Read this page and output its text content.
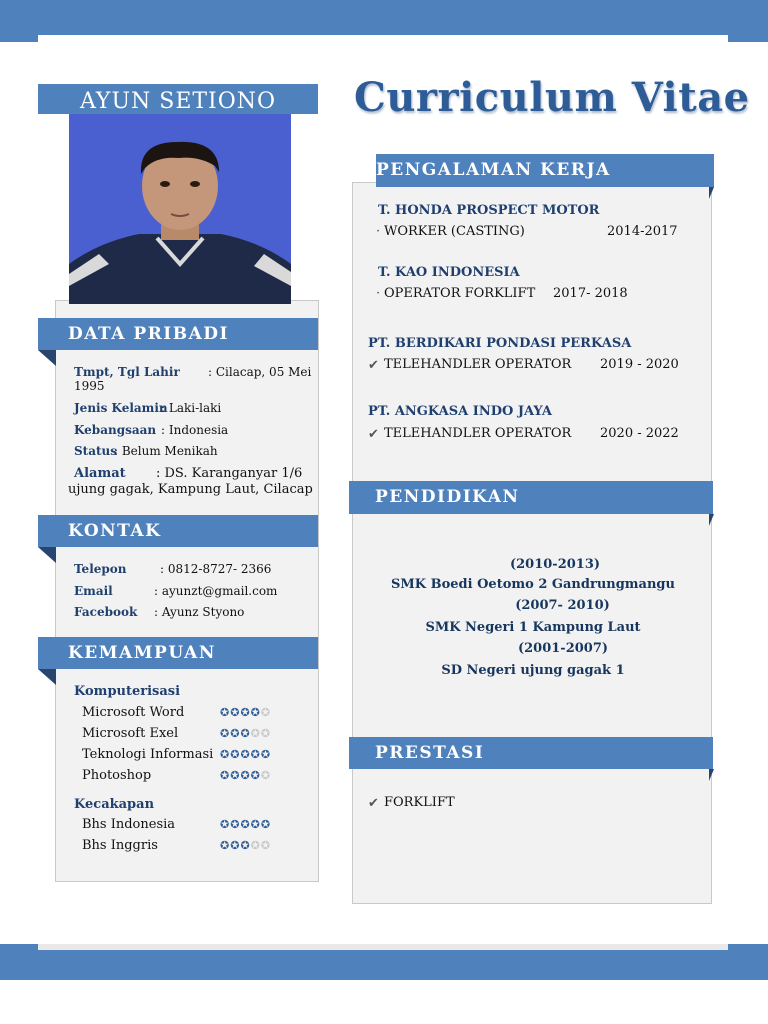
Curriculum Vitae
AYUN SETIONO
DATA PRIBADI
Tmpt, Tgl Lahir : Cilacap, 05 Mei
1995
Jenis Kelamin
: Laki-laki
Kebangsaan : Indonesia
Status
: Belum Menikah
Alamat : DS. Karanganyar 1/6
ujung gagak, Kampung Laut, Cilacap
KONTAK
Telepon	: 0812-8727- 2366
Email	: ayunzt@gmail.com
Facebook : Ayunz Styono
KEMAMPUAN
Komputerisasi
Microsoft Word	✪✪✪✪✪
Microsoft Exel	✪✪✪✪✪
Teknologi Informasi ✪✪✪✪✪
Photoshop	✪✪✪✪✪
Kecakapan
Bhs Indonesia	✪✪✪✪✪
Bhs Inggris	✪✪✪✪✪
PENGALAMAN KERJA
T. HONDA PROSPECT MOTOR
· WORKER (CASTING)	2014-2017
T. KAO INDONESIA
· OPERATOR FORKLIFT 2017- 2018
PT. BERDIKARI PONDASI PERKASA
✔ TELEHANDLER OPERATOR 2019 - 2020
PT. ANGKASA INDO JAYA
✔ TELEHANDLER OPERATOR 2020 - 2022
PENDIDIKAN
(2010-2013)
SMK Boedi Oetomo 2 Gandrungmangu
(2007- 2010)
SMK Negeri 1 Kampung Laut
(2001-2007)
SD Negeri ujung gagak 1
PRESTASI
✔ FORKLIFT
